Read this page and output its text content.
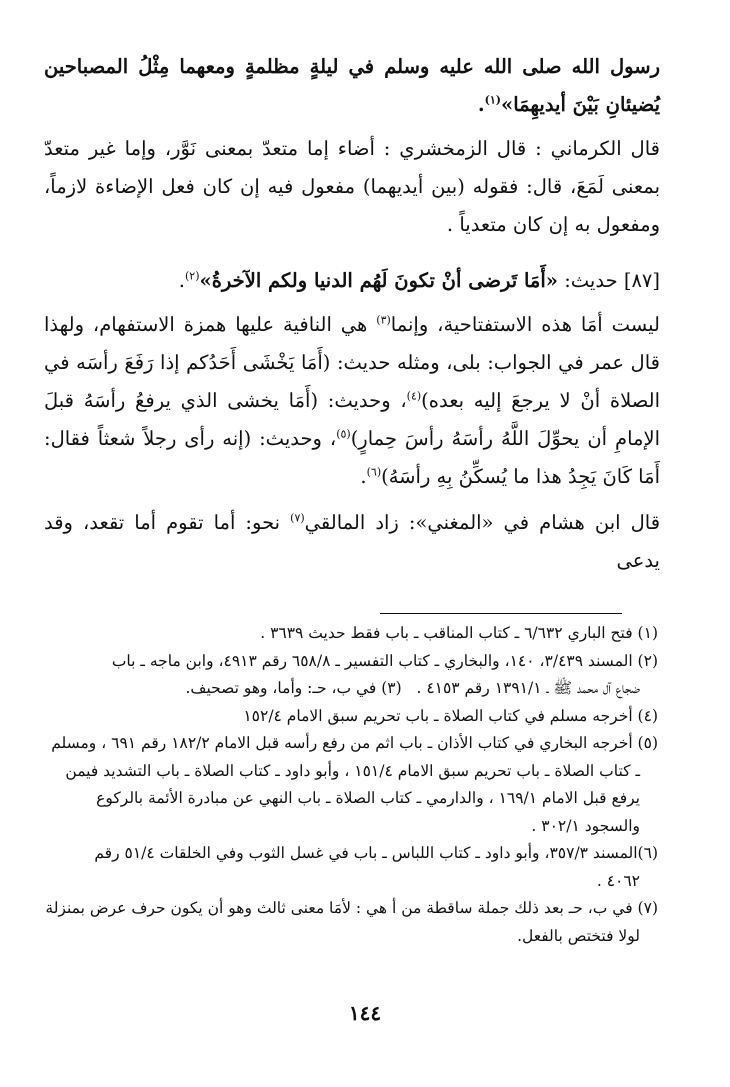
رسول الله صلى الله عليه وسلم في ليلةٍ مظلمةٍ ومعهما مِثْلُ المصباحين يُضيئانِ بَيْنَ أيديهِمَا»$^{(١)}$.

قال الكرماني : قال الزمخشري : أضاء إما متعدّ بمعنى نَوَّر، وإما غير متعدّ بمعنى لَمَعَ، قال: فقوله (بين أيديهما) مفعول فيه إن كان فعل الإضاءة لازماً، ومفعول به إن كان متعدياً .

[٨٧] حديث: «أَمَا تَرضى أنْ تكونَ لَهُم الدنيا ولكم الآخرةُ»$^{(٢)}$.

ليست أمَا هذه الاستفتاحية، وإنما$^{(٣)}$ هي النافية عليها همزة الاستفهام، ولهذا قال عمر في الجواب: بلى، ومثله حديث: (أَمَا يَخْشَى أَحَدُكم إذا رَفَعَ رأسَه في الصلاة أنْ لا يرجعَ إليه بعده)$^{(٤)}$، وحديث: (أَمَا يخشى الذي يرفعُ رأسَهُ قبلَ الإمامِ أن يحوِّلَ اللَّهُ رأسَهُ رأسَ حِمارٍ)$^{(٥)}$، وحديث: (إنه رأى رجلاً شعثاً فقال: أَمَا كَانَ يَجِدُ هذا ما يُسكِّنُ بِهِ رأسَهُ)$^{(٦)}$.

قال ابن هشام في «المغني»: زاد المالقي$^{(٧)}$ نحو: أما تقوم أما تقعد، وقد يدعى

(١) فتح الباري ٦/٦٣٢ ـ كتاب المناقب ـ باب فقط حديث ٣٦٣٩ .

(٢) المسند ٣/٤٣٩، ١٤٠، والبخاري ـ كتاب التفسير ـ ٦٥٨/٨ رقم ٤٩١٣، وابن ماجه ـ باب
ضجاع آل محمد ﷺ ـ ١٣٩١/١ رقم ٤١٥٣ .   (٣) في ب، حـ: وأما، وهو تصحيف.

(٤) أخرجه مسلم في كتاب الصلاة ـ باب تحريم سبق الامام ١٥٢/٤

(٥) أخرجه البخاري في كتاب الأذان ـ باب اثم من رفع رأسه قبل الامام ١٨٢/٢ رقم ٦٩١ ، ومسلم
ـ كتاب الصلاة ـ باب تحريم سبق الامام ١٥١/٤ ، وأبو داود ـ كتاب الصلاة ـ باب التشديد فيمن
يرفع قبل الامام ١٦٩/١ ، والدارمي ـ كتاب الصلاة ـ باب النهي عن مبادرة الأئمة بالركوع
والسجود ٣٠٢/١ .

(٦)المسند ٣٥٧/٣، وأبو داود ـ كتاب اللباس ـ باب في غسل الثوب وفي الخلقات ٥١/٤ رقم
٤٠٦٢ .

(٧) في ب، حـ بعد ذلك جملة ساقطة من أ هي : لأمَا معنى ثالث وهو أن يكون حرف عرض بمنزلة
لولا فتختص بالفعل.

١٤٤
